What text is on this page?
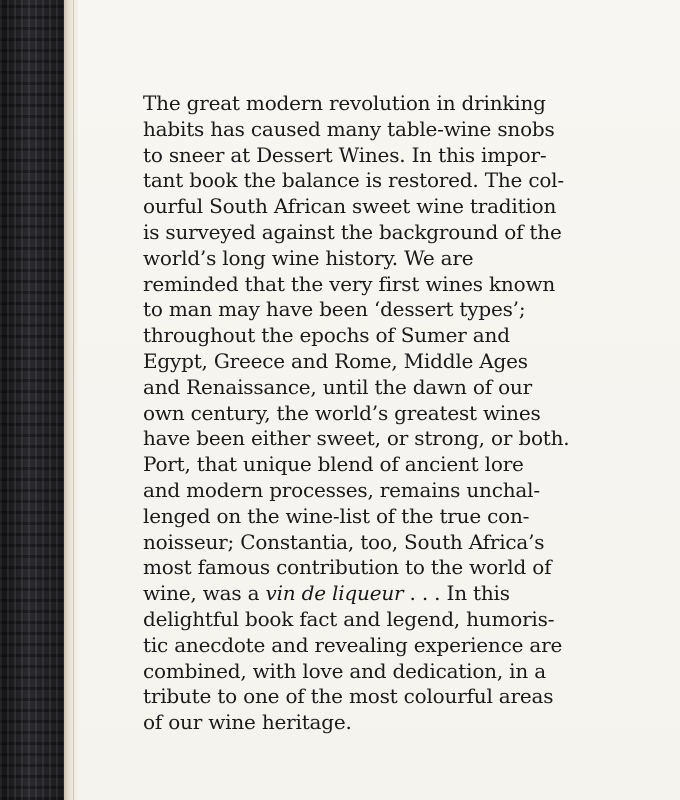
The great modern revolution in drinking
habits has caused many table-wine snobs
to sneer at Dessert Wines. In this impor-
tant book the balance is restored. The col-
ourful South African sweet wine tradition
is surveyed against the background of the
world’s long wine history. We are
reminded that the very first wines known
to man may have been ‘dessert types’;
throughout the epochs of Sumer and
Egypt, Greece and Rome, Middle Ages
and Renaissance, until the dawn of our
own century, the world’s greatest wines
have been either sweet, or strong, or both.
Port, that unique blend of ancient lore
and modern processes, remains unchal-
lenged on the wine-list of the true con-
noisseur; Constantia, too, South Africa’s
most famous contribution to the world of
wine, was a vin de liqueur . . . In this
delightful book fact and legend, humoris-
tic anecdote and revealing experience are
combined, with love and dedication, in a
tribute to one of the most colourful areas
of our wine heritage.
